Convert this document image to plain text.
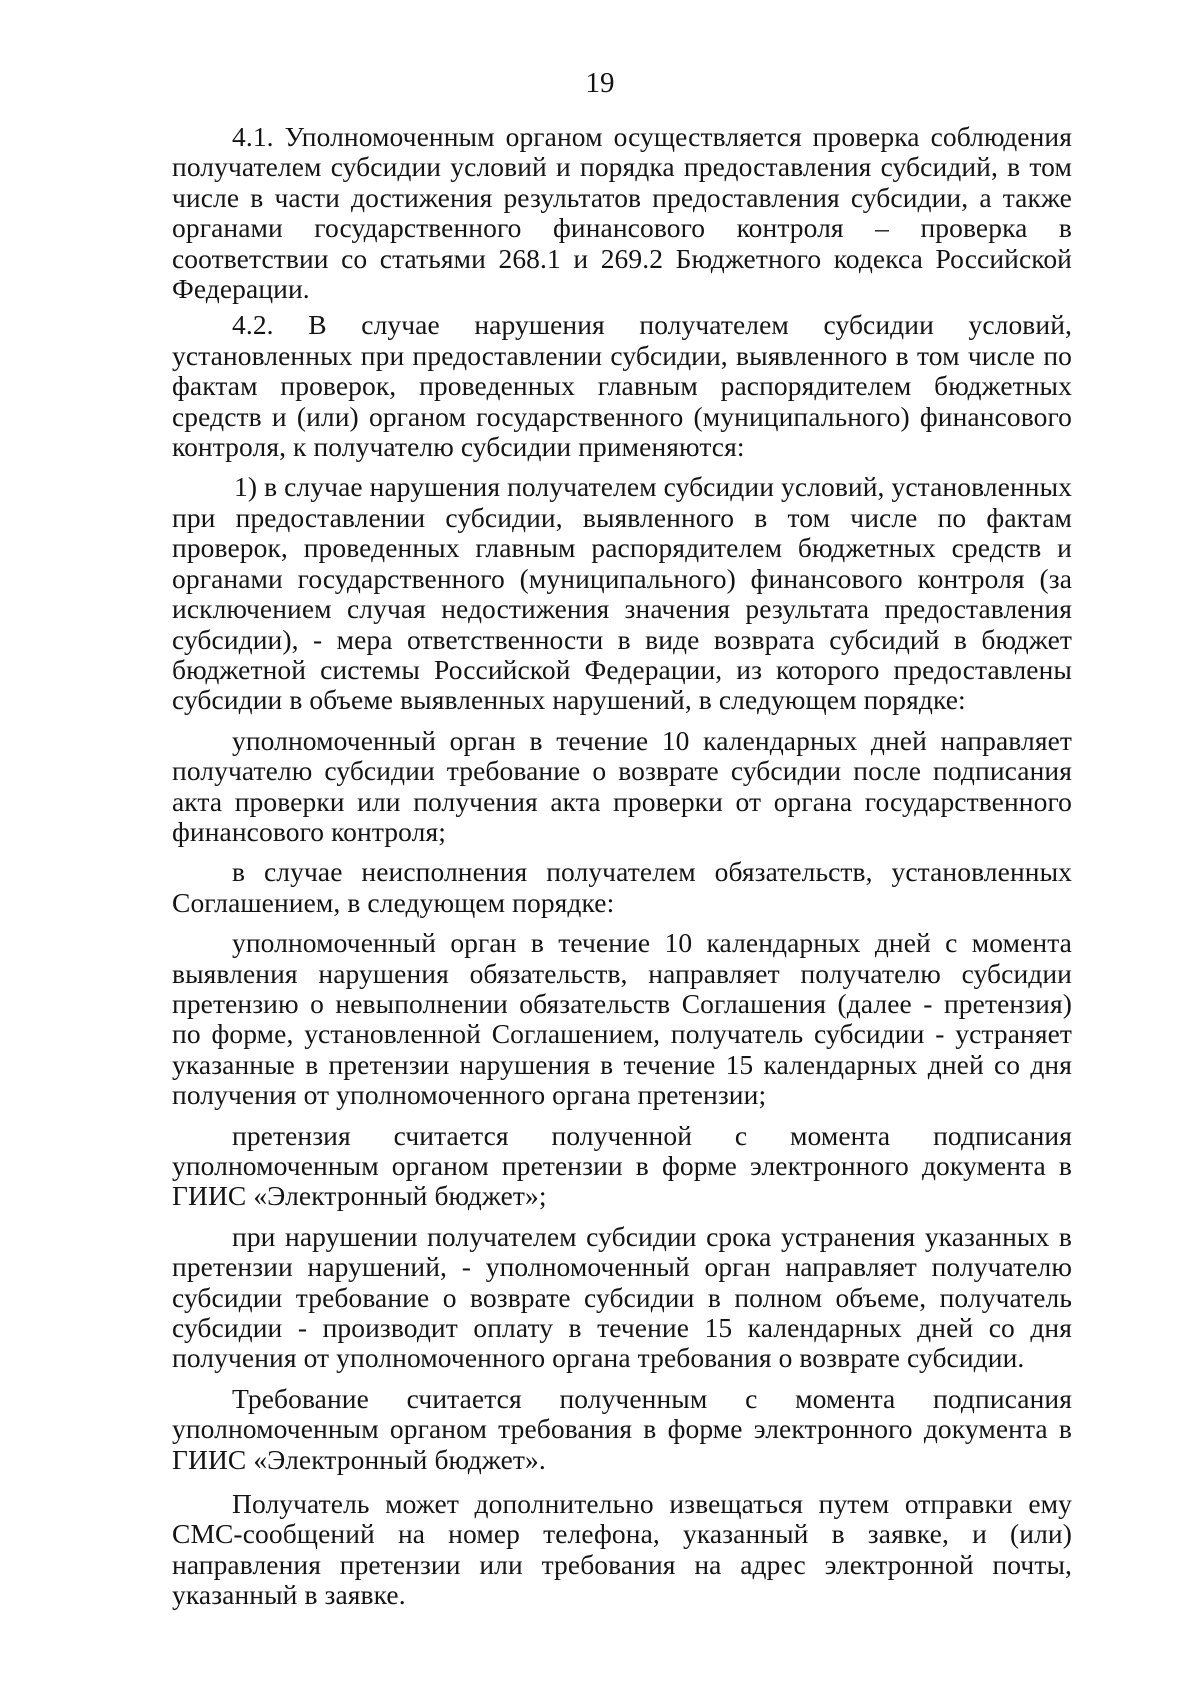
19

4.1. Уполномоченным органом осуществляется проверка соблюдения получателем субсидии условий и порядка предоставления субсидий, в том числе в части достижения результатов предоставления субсидии, а также органами государственного финансового контроля – проверка в соответствии со статьями 268.1 и 269.2 Бюджетного кодекса Российской Федерации.

4.2. В случае нарушения получателем субсидии условий, установленных при предоставлении субсидии, выявленного в том числе по фактам проверок, проведенных главным распорядителем бюджетных средств и (или) органом государственного (муниципального) финансового контроля, к получателю субсидии применяются:

1) в случае нарушения получателем субсидии условий, установленных при предоставлении субсидии, выявленного в том числе по фактам проверок, проведенных главным распорядителем бюджетных средств и органами государственного (муниципального) финансового контроля (за исключением случая недостижения значения результата предоставления субсидии), - мера ответственности в виде возврата субсидий в бюджет бюджетной системы Российской Федерации, из которого предоставлены субсидии в объеме выявленных нарушений, в следующем порядке:

уполномоченный орган в течение 10 календарных дней направляет получателю субсидии требование о возврате субсидии после подписания акта проверки или получения акта проверки от органа государственного финансового контроля;

в случае неисполнения получателем обязательств, установленных Соглашением, в следующем порядке:

уполномоченный орган в течение 10 календарных дней с момента выявления нарушения обязательств, направляет получателю субсидии претензию о невыполнении обязательств Соглашения (далее - претензия) по форме, установленной Соглашением, получатель субсидии - устраняет указанные в претензии нарушения в течение 15 календарных дней со дня получения от уполномоченного органа претензии;

претензия считается полученной с момента подписания уполномоченным органом претензии в форме электронного документа в ГИИС «Электронный бюджет»;

при нарушении получателем субсидии срока устранения указанных в претензии нарушений, - уполномоченный орган направляет получателю субсидии требование о возврате субсидии в полном объеме, получатель субсидии - производит оплату в течение 15 календарных дней со дня получения от уполномоченного органа требования о возврате субсидии.

Требование считается полученным с момента подписания уполномоченным органом требования в форме электронного документа в ГИИС «Электронный бюджет».

Получатель может дополнительно извещаться путем отправки ему СМС-сообщений на номер телефона, указанный в заявке, и (или) направления претензии или требования на адрес электронной почты, указанный в заявке.
